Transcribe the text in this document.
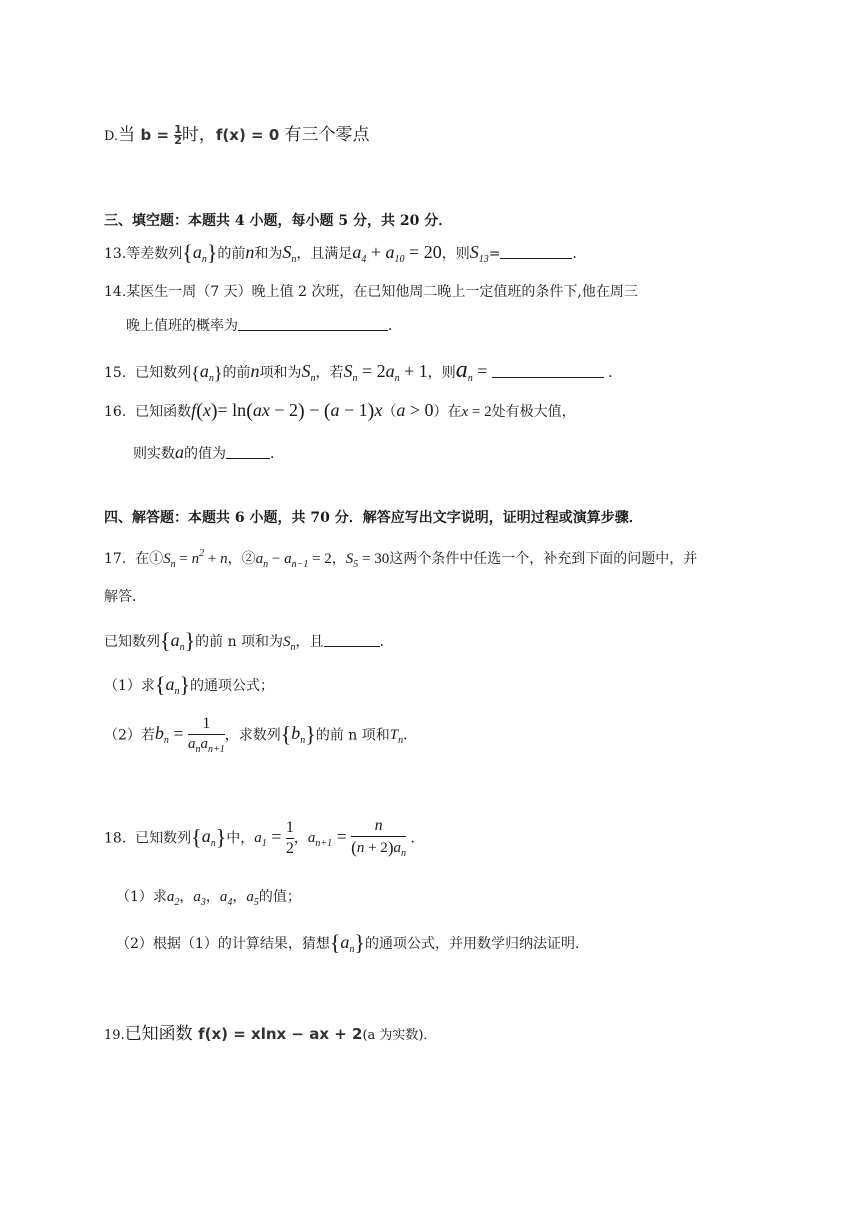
D.当 $b = \frac{1}{2}$ 时，f(x) = 0 有三个零点
三、填空题：本题共 4 小题，每小题 5 分，共 20 分．
13.等差数列$\{a_n\}$的前n和为$S_n$，且满足$a_4 + a_{10} = 20$，则$S_{13}=$	．
14.某医生一周（7 天）晚上值 2 次班，在已知他周二晚上一定值班的条件下,他在周三
晚上值班的概率为	．
15. 已知数列$\{a_n\}$的前n项和为$S_n$，若$S_n = 2a_n + 1$，则$a_n$ =	．
16. 已知函数f(x)= ln(ax − 2) − (a − 1)x（a > 0）在x = 2处有极大值，
则实数a的值为	．
四、解答题：本题共 6 小题，共 70 分．解答应写出文字说明，证明过程或演算步骤．
17. 在$①S_n = n^2 + n$，$②a_n - a_{n-1} = 2$，$S_5 = 30$这两个条件中任选一个，补充到下面的问题中，并
解答．
已知数列$\{a_n\}$的前 n 项和为$S_n$，且	．
（1）求$\{a_n\}$的通项公式；
（2）若$b_n = \frac{1}{a_na_{n+1}}$ ，求数列$\{b_n\}$的前 n 项和$T_n$．
18. 已知数列$\{a_n\}$中，$a_1 = \frac{1}{2}$ ，$a_{n+1} = \frac{n}{(n + 2)a_n}$ ．
（1）求$a_2$，$a_3$，$a_4$，$a_5$的值；
（2）根据（1）的计算结果，猜想$\{a_n\}$的通项公式，并用数学归纳法证明．
19.已知函数 f(x) = xlnx − ax + 2(a 为实数)．
